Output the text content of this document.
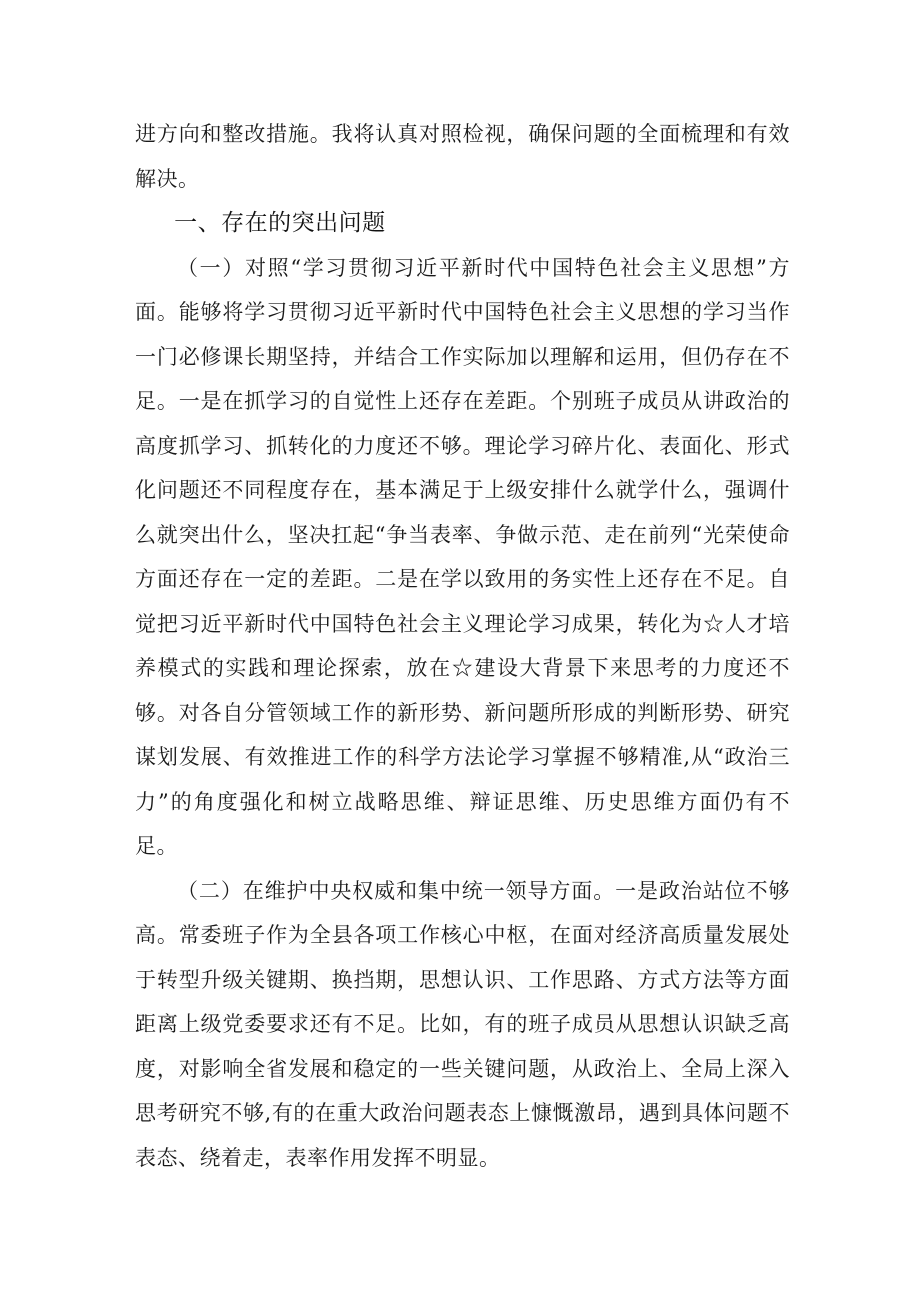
进方向和整改措施。我将认真对照检视，确保问题的全面梳理和有效解决。

一、存在的突出问题

（一）对照“学习贯彻习近平新时代中国特色社会主义思想”方面。能够将学习贯彻习近平新时代中国特色社会主义思想的学习当作一门必修课长期坚持，并结合工作实际加以理解和运用，但仍存在不足。一是在抓学习的自觉性上还存在差距。个别班子成员从讲政治的高度抓学习、抓转化的力度还不够。理论学习碎片化、表面化、形式化问题还不同程度存在，基本满足于上级安排什么就学什么，强调什么就突出什么，坚决扛起“争当表率、争做示范、走在前列“光荣使命方面还存在一定的差距。二是在学以致用的务实性上还存在不足。自觉把习近平新时代中国特色社会主义理论学习成果，转化为☆人才培养模式的实践和理论探索，放在☆建设大背景下来思考的力度还不够。对各自分管领域工作的新形势、新问题所形成的判断形势、研究谋划发展、有效推进工作的科学方法论学习掌握不够精准,从“政治三力”的角度强化和树立战略思维、辩证思维、历史思维方面仍有不足。

（二）在维护中央权威和集中统一领导方面。一是政治站位不够高。常委班子作为全县各项工作核心中枢，在面对经济高质量发展处于转型升级关键期、换挡期，思想认识、工作思路、方式方法等方面距离上级党委要求还有不足。比如，有的班子成员从思想认识缺乏高度，对影响全省发展和稳定的一些关键问题，从政治上、全局上深入思考研究不够,有的在重大政治问题表态上慷慨激昂，遇到具体问题不表态、绕着走，表率作用发挥不明显。
